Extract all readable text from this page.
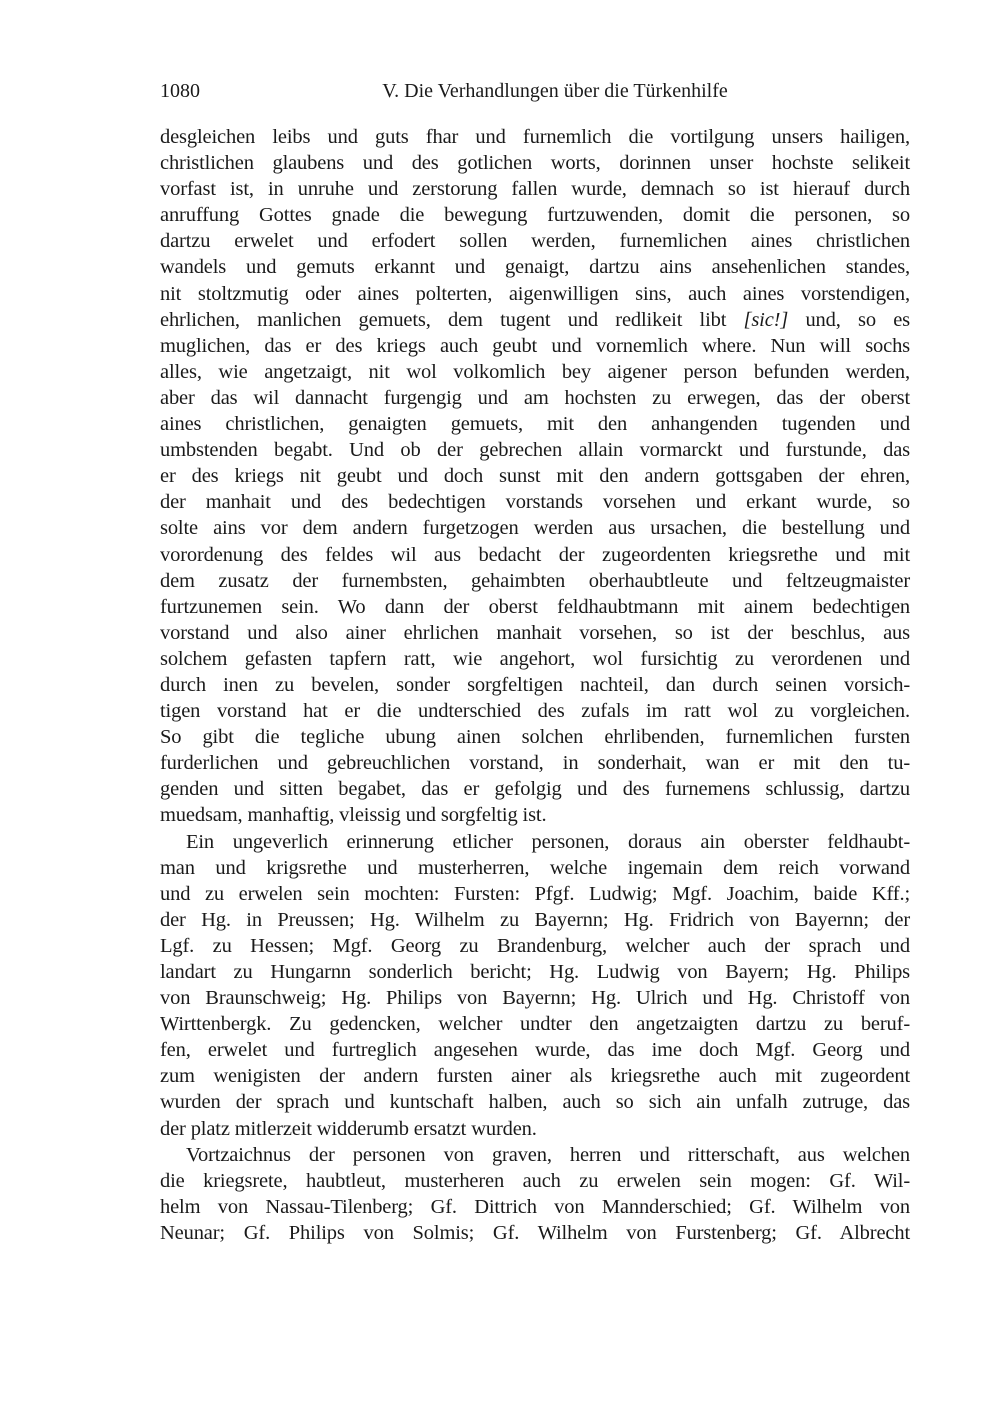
1080	V. Die Verhandlungen über die Türkenhilfe
desgleichen leibs und guts fhar und furnemlich die vortilgung unsers hailigen,
christlichen glaubens und des gotlichen worts, dorinnen unser hochste selikeit
vorfast ist, in unruhe und zerstorung fallen wurde, demnach so ist hierauf durch
anruffung Gottes gnade die bewegung furtzuwenden, domit die personen, so
dartzu erwelet und erfodert sollen werden, furnemlichen aines christlichen
wandels und gemuts erkannt und genaigt, dartzu ains ansehenlichen standes,
nit stoltzmutig oder aines polterten, aigenwilligen sins, auch aines vorstendigen,
ehrlichen, manlichen gemuets, dem tugent und redlikeit libt [sic!] und, so es
muglichen, das er des kriegs auch geubt und vornemlich where. Nun will sochs
alles, wie angetzaigt, nit wol volkomlich bey aigener person befunden werden,
aber das wil dannacht furgengig und am hochsten zu erwegen, das der oberst
aines christlichen, genaigten gemuets, mit den anhangenden tugenden und
umbstenden begabt. Und ob der gebrechen allain vormarckt und furstunde, das
er des kriegs nit geubt und doch sunst mit den andern gottsgaben der ehren,
der manhait und des bedechtigen vorstands vorsehen und erkant wurde, so
solte ains vor dem andern furgetzogen werden aus ursachen, die bestellung und
vorordenung des feldes wil aus bedacht der zugeordenten kriegsrethe und mit
dem zusatz der furnembsten, gehaimbten oberhaubtleute und feltzeugmaister
furtzunemen sein. Wo dann der oberst feldhaubtmann mit ainem bedechtigen
vorstand und also ainer ehrlichen manhait vorsehen, so ist der beschlus, aus
solchem gefasten tapfern ratt, wie angehort, wol fursichtig zu verordenen und
durch inen zu bevelen, sonder sorgfeltigen nachteil, dan durch seinen vorsich-
tigen vorstand hat er die undterschied des zufals im ratt wol zu vorgleichen.
So gibt die tegliche ubung ainen solchen ehrlibenden, furnemlichen fursten
furderlichen und gebreuchlichen vorstand, in sonderhait, wan er mit den tu-
genden und sitten begabet, das er gefolgig und des furnemens schlussig, dartzu
muedsam, manhaftig, vleissig und sorgfeltig ist.
Ein ungeverlich erinnerung etlicher personen, doraus ain oberster feldhaubt-
man und krigsrethe und musterherren, welche ingemain dem reich vorwand
und zu erwelen sein mochten: Fursten: Pfgf. Ludwig; Mgf. Joachim, baide Kff.;
der Hg. in Preussen; Hg. Wilhelm zu Bayernn; Hg. Fridrich von Bayernn; der
Lgf. zu Hessen; Mgf. Georg zu Brandenburg, welcher auch der sprach und
landart zu Hungarnn sonderlich bericht; Hg. Ludwig von Bayern; Hg. Philips
von Braunschweig; Hg. Philips von Bayernn; Hg. Ulrich und Hg. Christoff von
Wirttenbergk. Zu gedencken, welcher undter den angetzaigten dartzu zu beruf-
fen, erwelet und furtreglich angesehen wurde, das ime doch Mgf. Georg und
zum wenigisten der andern fursten ainer als kriegsrethe auch mit zugeordent
wurden der sprach und kuntschaft halben, auch so sich ain unfalh zutruge, das
der platz mitlerzeit widderumb ersatzt wurden.
Vortzaichnus der personen von graven, herren und ritterschaft, aus welchen
die kriegsrete, haubtleut, musterheren auch zu erwelen sein mogen: Gf. Wil-
helm von Nassau-Tilenberg; Gf. Dittrich von Mannderschied; Gf. Wilhelm von
Neunar; Gf. Philips von Solmis; Gf. Wilhelm von Furstenberg; Gf. Albrecht
